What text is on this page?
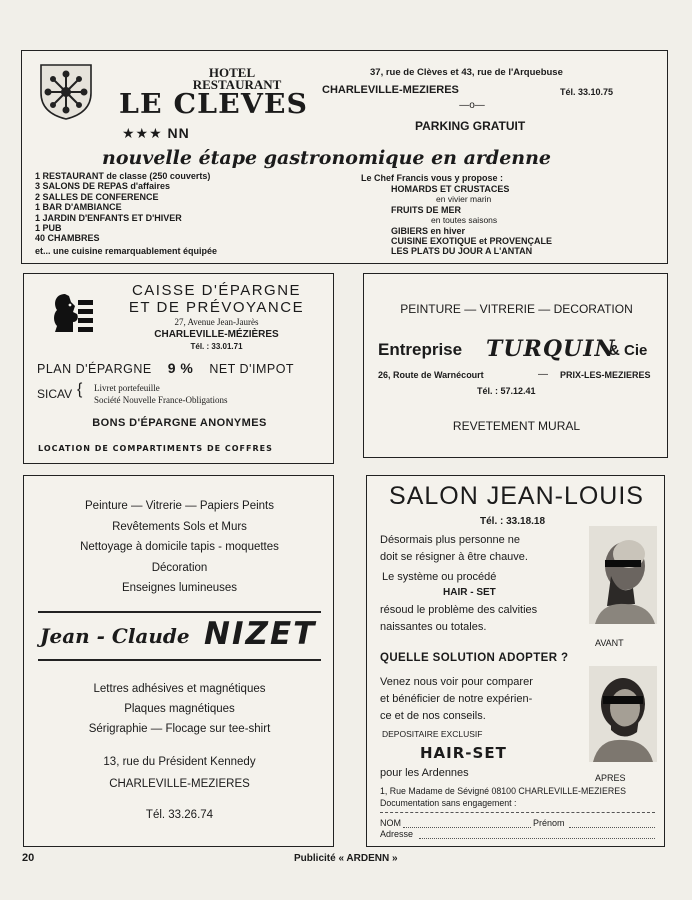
HOTEL
RESTAURANT
LE CLEVES
★★★ NN
nouvelle étape gastronomique en ardenne
37, rue de Clèves et 43, rue de l'Arquebuse
CHARLEVILLE-MEZIERES	Tél. 33.10.75
—o—
PARKING GRATUIT
1 RESTAURANT de classe (250 couverts)
3 SALONS DE REPAS d'affaires
2 SALLES DE CONFERENCE
1 BAR D'AMBIANCE
1 JARDIN D'ENFANTS ET D'HIVER
1 PUB
40 CHAMBRES
et... une cuisine remarquablement équipée
Le Chef Francis vous y propose :
HOMARDS ET CRUSTACES
en vivier marin
FRUITS DE MER
en toutes saisons
GIBIERS en hiver
CUISINE EXOTIQUE et PROVENÇALE
LES PLATS DU JOUR A L'ANTAN
CAISSE D'ÉPARGNE
ET DE PRÉVOYANCE
27, Avenue Jean-Jaurès
CHARLEVILLE-MÉZIÈRES
Tél. : 33.01.71
PLAN D'ÉPARGNE 9 % NET D'IMPOT
SICAV { Livret portefeuille
Société Nouvelle France-Obligations
BONS D'ÉPARGNE ANONYMES
LOCATION DE COMPARTIMENTS DE COFFRES
PEINTURE — VITRERIE — DECORATION
Entreprise TURQUIN
& Cie
26, Route de Warnécourt	— PRIX-LES-MEZIERES
Tél. : 57.12.41
REVETEMENT MURAL
Peinture — Vitrerie — Papiers Peints
Revêtements Sols et Murs
Nettoyage à domicile tapis - moquettes
Décoration
Enseignes lumineuses
Jean - Claude NIZET
Lettres adhésives et magnétiques
Plaques magnétiques
Sérigraphie — Flocage sur tee-shirt
13, rue du Président Kennedy
CHARLEVILLE-MEZIERES
Tél. 33.26.74
SALON JEAN-LOUIS
Tél. : 33.18.18
Désormais plus personne ne
doit se résigner à être chauve.
Le système ou procédé
HAIR - SET
résoud le problème des calvities
naissantes ou totales.
AVANT
QUELLE SOLUTION ADOPTER ?
Venez nous voir pour comparer
et bénéficier de notre expérien-
ce et de nos conseils.
DEPOSITAIRE EXCLUSIF
HAIR-SET
pour les Ardennes	APRES
1, Rue Madame de Sévigné 08100 CHARLEVILLE-MEZIERES
Documentation sans engagement :
NOM	Prénom
Adresse
20	Publicité « ARDENN »
